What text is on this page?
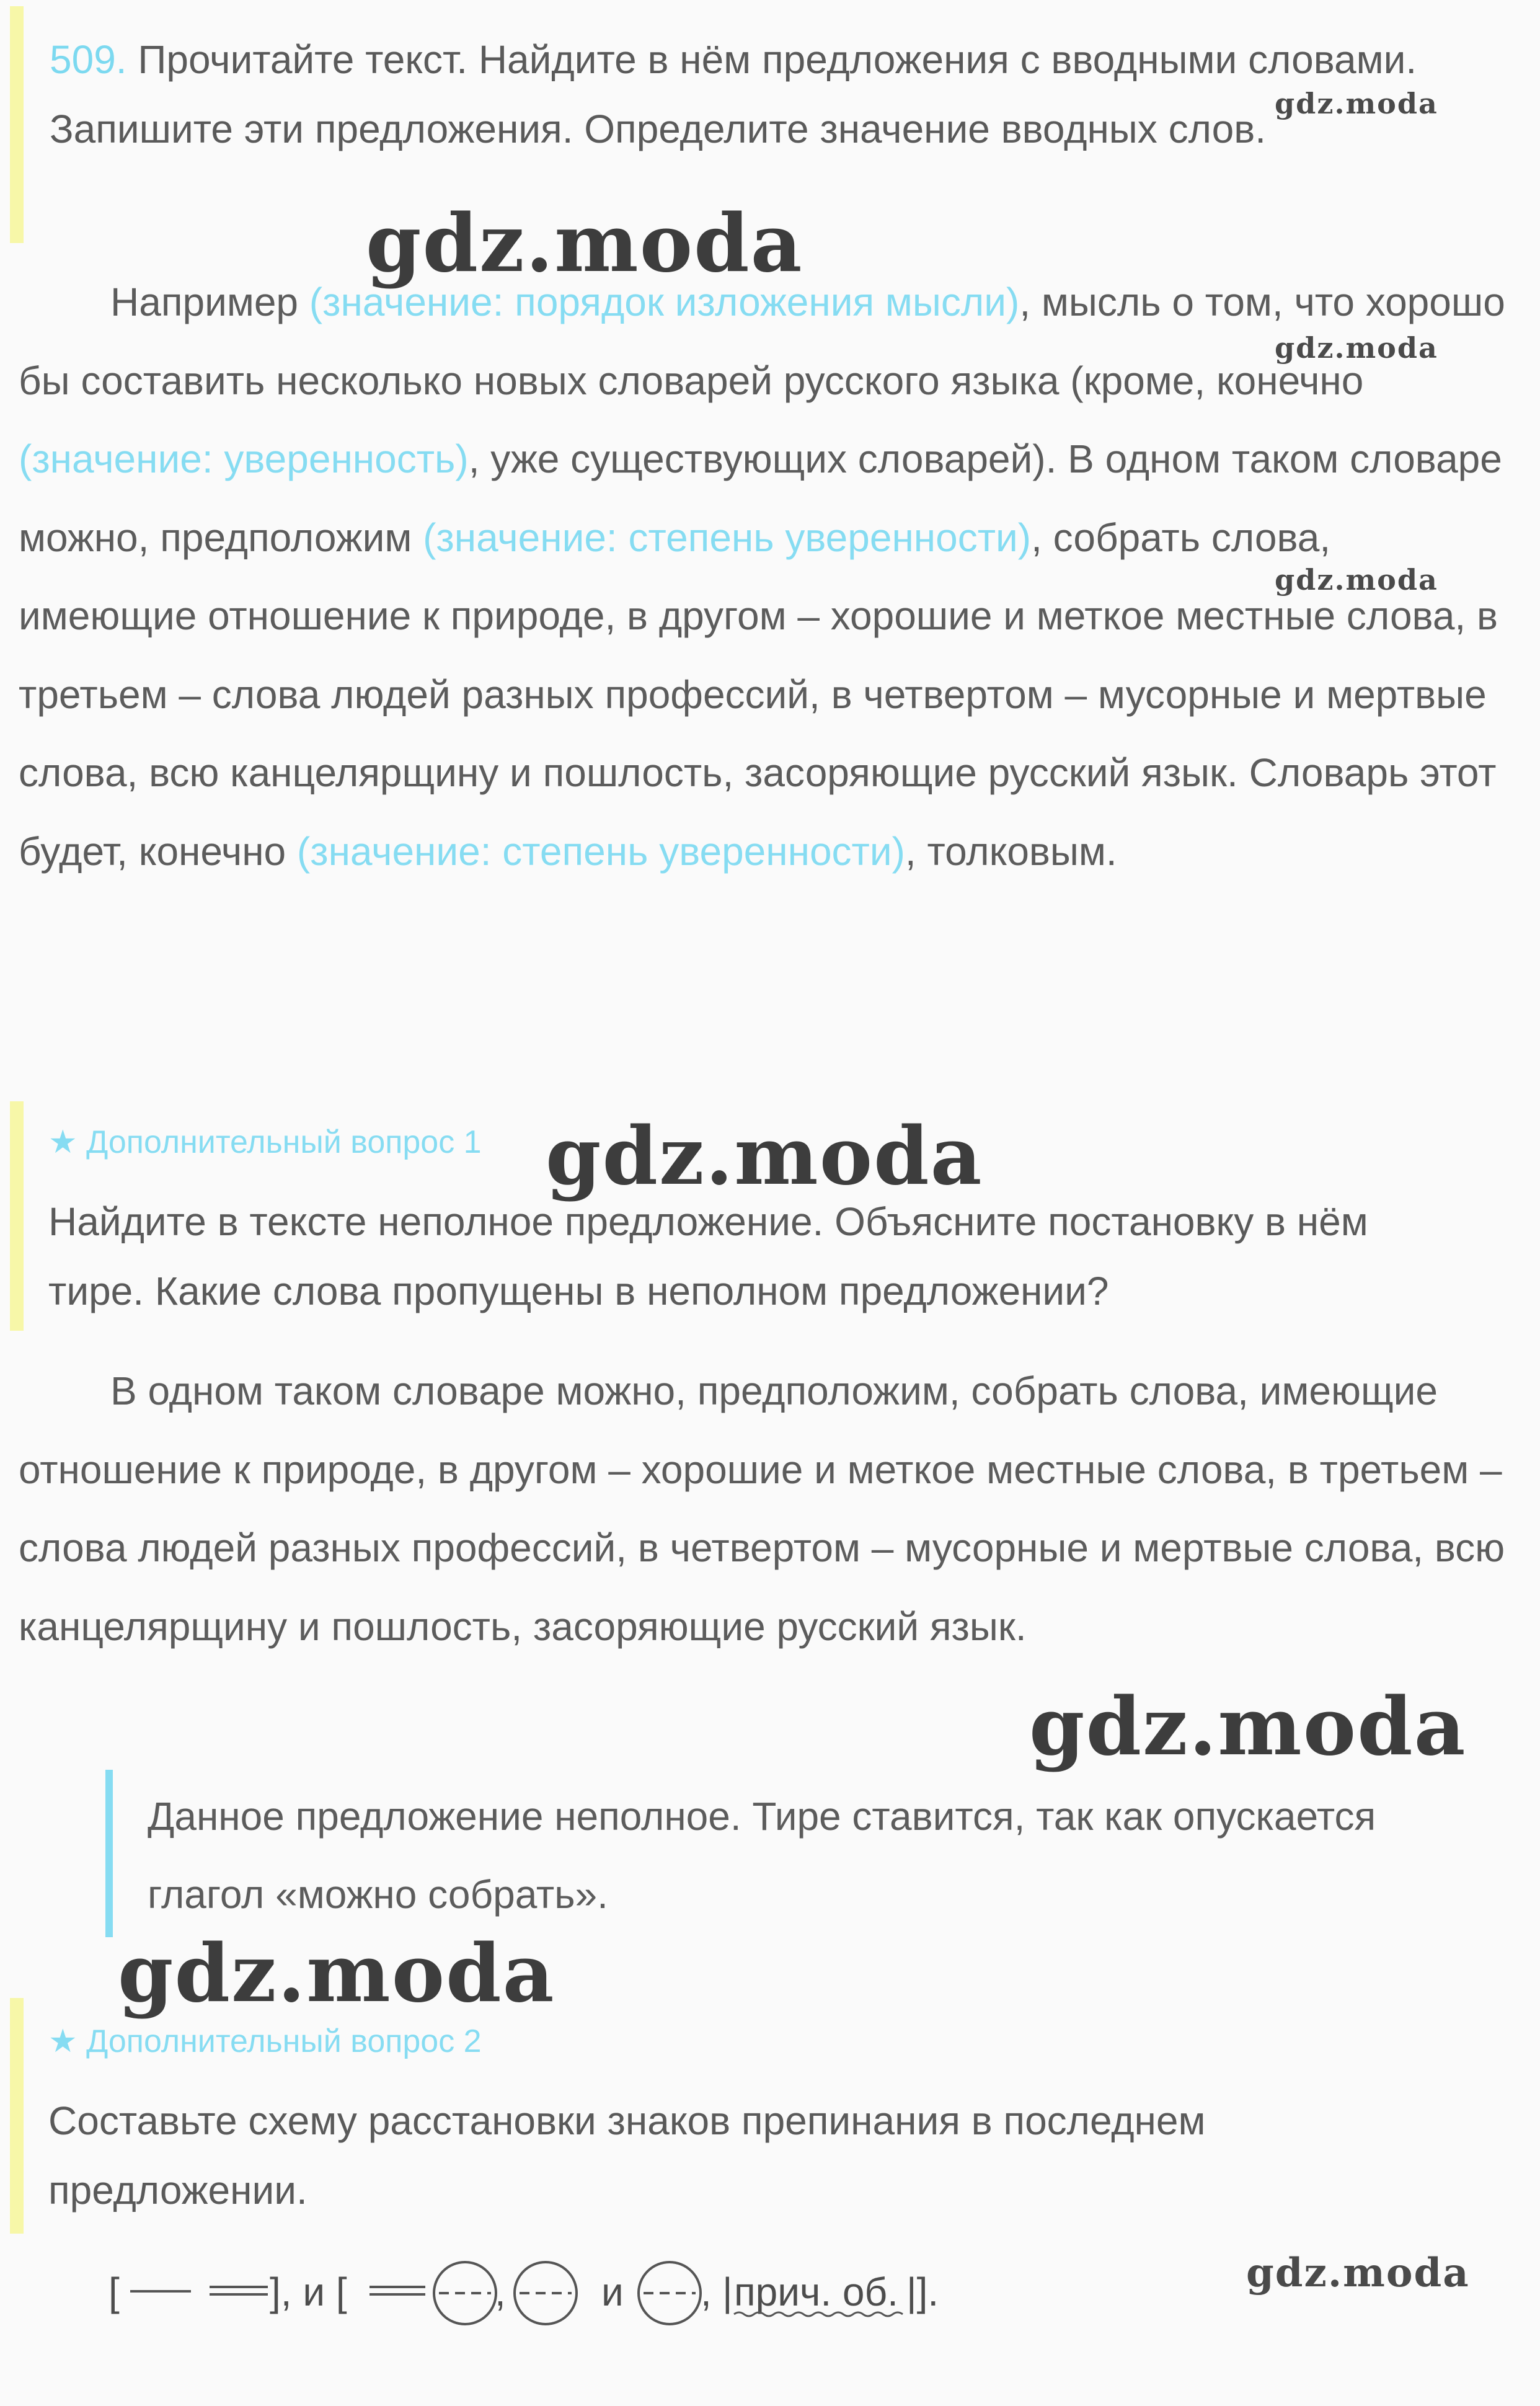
509. Прочитайте текст. Найдите в нём предложения с вводными словами. Запишите эти предложения. Определите значение вводных слов.
Например (значение: порядок изложения мысли), мысль о том, что хорошо бы составить несколько новых словарей русского языка (кроме, конечно (значение: уверенность), уже существующих словарей). В одном таком словаре можно, предположим (значение: степень уверенности), собрать слова, имеющие отношение к природе, в другом – хорошие и меткое местные слова, в третьем – слова людей разных профессий, в четвертом – мусорные и мертвые слова, всю канцелярщину и пошлость, засоряющие русский язык. Словарь этот будет, конечно (значение: степень уверенности), толковым.
★ Дополнительный вопрос 1
Найдите в тексте неполное предложение. Объясните постановку в нём тире. Какие слова пропущены в неполном предложении?
В одном таком словаре можно, предположим, собрать слова, имеющие отношение к природе, в другом – хорошие и меткое местные слова, в третьем – слова людей разных профессий, в четвертом – мусорные и мертвые слова, всю канцелярщину и пошлость, засоряющие русский язык.
Данное предложение неполное. Тире ставится, так как опускается глагол «можно собрать».
★ Дополнительный вопрос 2
Составьте схему расстановки знаков препинания в последнем предложении.
[	], и [	, и , | прич. об. |].
gdz.moda
gdz.moda
gdz.moda
gdz.moda
gdz.moda
gdz.moda
gdz.moda
gdz.moda
